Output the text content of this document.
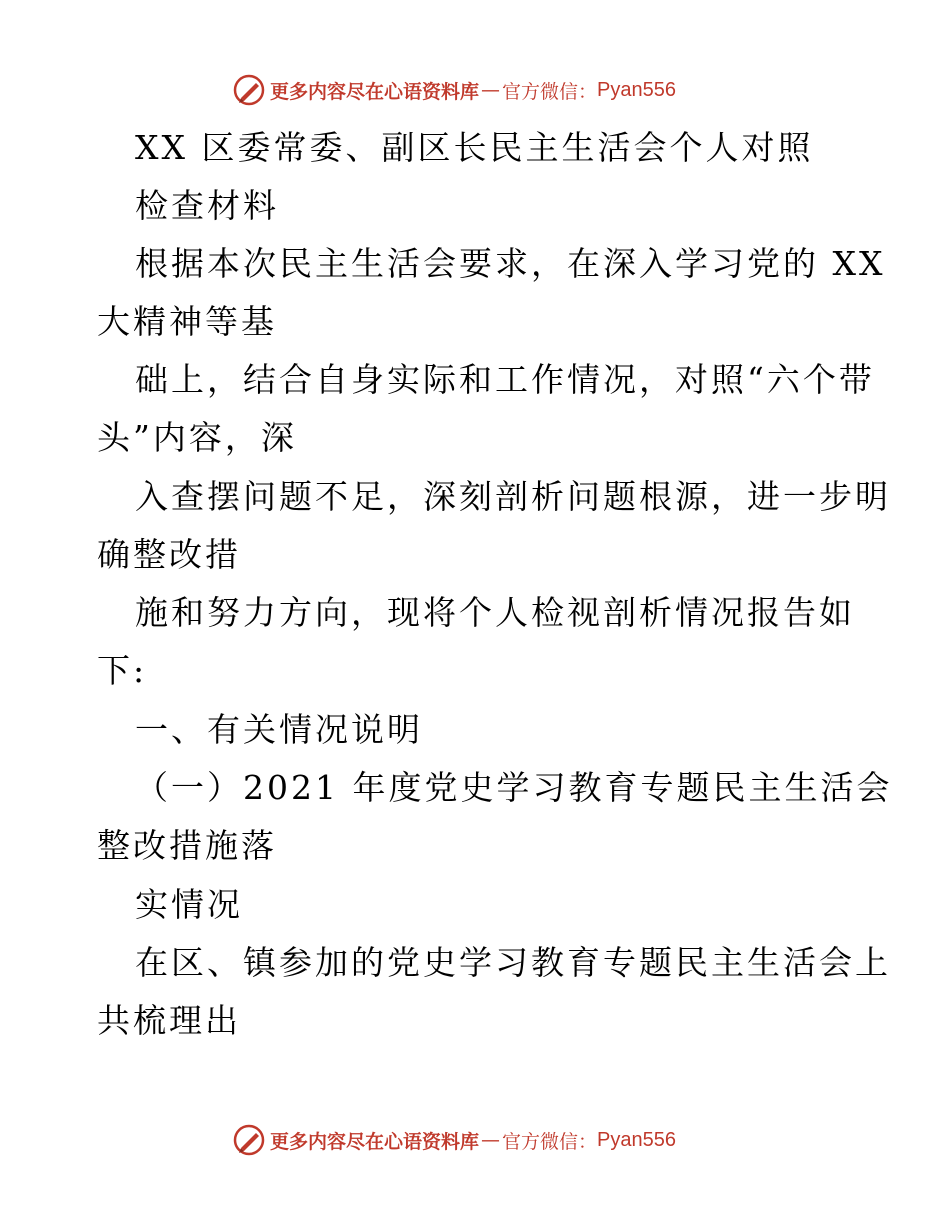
更多内容尽在心语资料库 — 官方微信： Pyan556
XX 区委常委、副区长民主生活会个人对照
检查材料
根据本次民主生活会要求，在深入学习党的 XX
大精神等基
础上，结合自身实际和工作情况，对照“六个带
头”内容，深
入查摆问题不足，深刻剖析问题根源，进一步明
确整改措
施和努力方向，现将个人检视剖析情况报告如
下:
一、有关情况说明
（一）2021 年度党史学习教育专题民主生活会
整改措施落
实情况
在区、镇参加的党史学习教育专题民主生活会上
共梳理出
更多内容尽在心语资料库 — 官方微信： Pyan556
